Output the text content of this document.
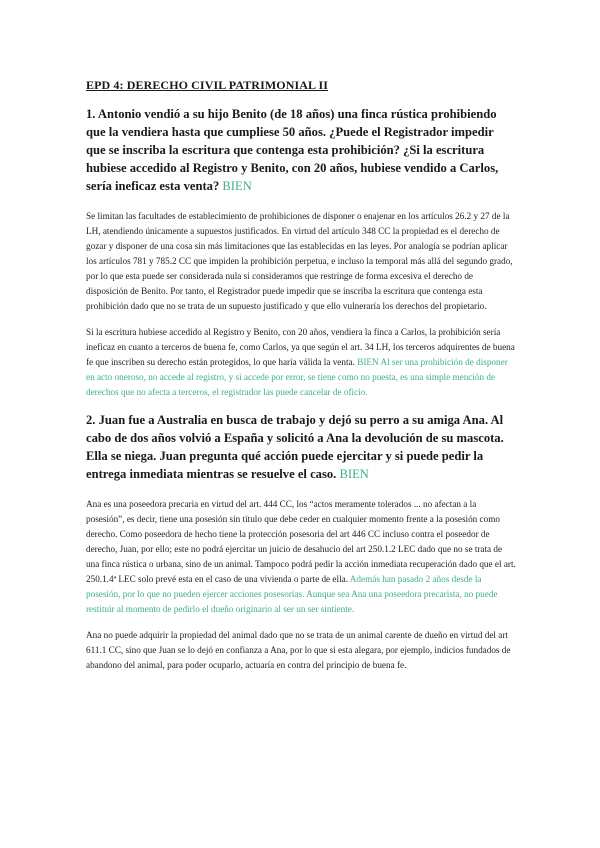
EPD 4: DERECHO CIVIL PATRIMONIAL II
1. Antonio vendió a su hijo Benito (de 18 años) una finca rústica prohibiendo que la vendiera hasta que cumpliese 50 años. ¿Puede el Registrador impedir que se inscriba la escritura que contenga esta prohibición? ¿Si la escritura hubiese accedido al Registro y Benito, con 20 años, hubiese vendido a Carlos, sería ineficaz esta venta? BIEN

Se limitan las facultades de establecimiento de prohibiciones de disponer o enajenar en los artículos 26.2 y 27 de la LH, atendiendo únicamente a supuestos justificados. En virtud del artículo 348 CC la propiedad es el derecho de gozar y disponer de una cosa sin más limitaciones que las establecidas en las leyes. Por analogía se podrían aplicar los artículos 781 y 785.2 CC que impiden la prohibición perpetua, e incluso la temporal más allá del segundo grado, por lo que esta puede ser considerada nula si consideramos que restringe de forma excesiva el derecho de disposición de Benito. Por tanto, el Registrador puede impedir que se inscriba la escritura que contenga esta prohibición dado que no se trata de un supuesto justificado y que ello vulneraría los derechos del propietario.

Si la escritura hubiese accedido al Registro y Benito, con 20 años, vendiera la finca a Carlos, la prohibición sería ineficaz en cuanto a terceros de buena fe, como Carlos, ya que según el art. 34 LH, los terceros adquirentes de buena fe que inscriben su derecho están protegidos, lo que haría válida la venta. BIEN Al ser una prohibición de disponer en acto oneroso, no accede al registro, y si accede por error, se tiene como no puesta, es una simple mención de derechos que no afecta a terceros, el registrador las puede cancelar de oficio.

2. Juan fue a Australia en busca de trabajo y dejó su perro a su amiga Ana. Al cabo de dos años volvió a España y solicitó a Ana la devolución de su mascota. Ella se niega. Juan pregunta qué acción puede ejercitar y si puede pedir la entrega inmediata mientras se resuelve el caso. BIEN

Ana es una poseedora precaria en virtud del art. 444 CC, los “actos meramente tolerados ... no afectan a la posesión”, es decir, tiene una posesión sin título que debe ceder en cualquier momento frente a la posesión como derecho. Como poseedora de hecho tiene la protección posesoria del art 446 CC incluso contra el poseedor de derecho, Juan, por ello; este no podrá ejercitar un juicio de desahucio del art 250.1.2 LEC dado que no se trata de una finca rústica o urbana, sino de un animal. Tampoco podrá pedir la acción inmediata recuperación dado que el art. 250.1.4ª LEC solo prevé esta en el caso de una vivienda o parte de ella. Además han pasado 2 años desde la posesión, por lo que no pueden ejercer acciones posesorias. Aunque sea Ana una poseedora precarista, no puede restituir al momento de pedirlo el dueño originario al ser un ser sintiente.

Ana no puede adquirir la propiedad del animal dado que no se trata de un animal carente de dueño en virtud del art 611.1 CC, sino que Juan se lo dejó en confianza a Ana, por lo que si esta alegara, por ejemplo, indicios fundados de abandono del animal, para poder ocuparlo, actuaría en contra del principio de buena fe.
